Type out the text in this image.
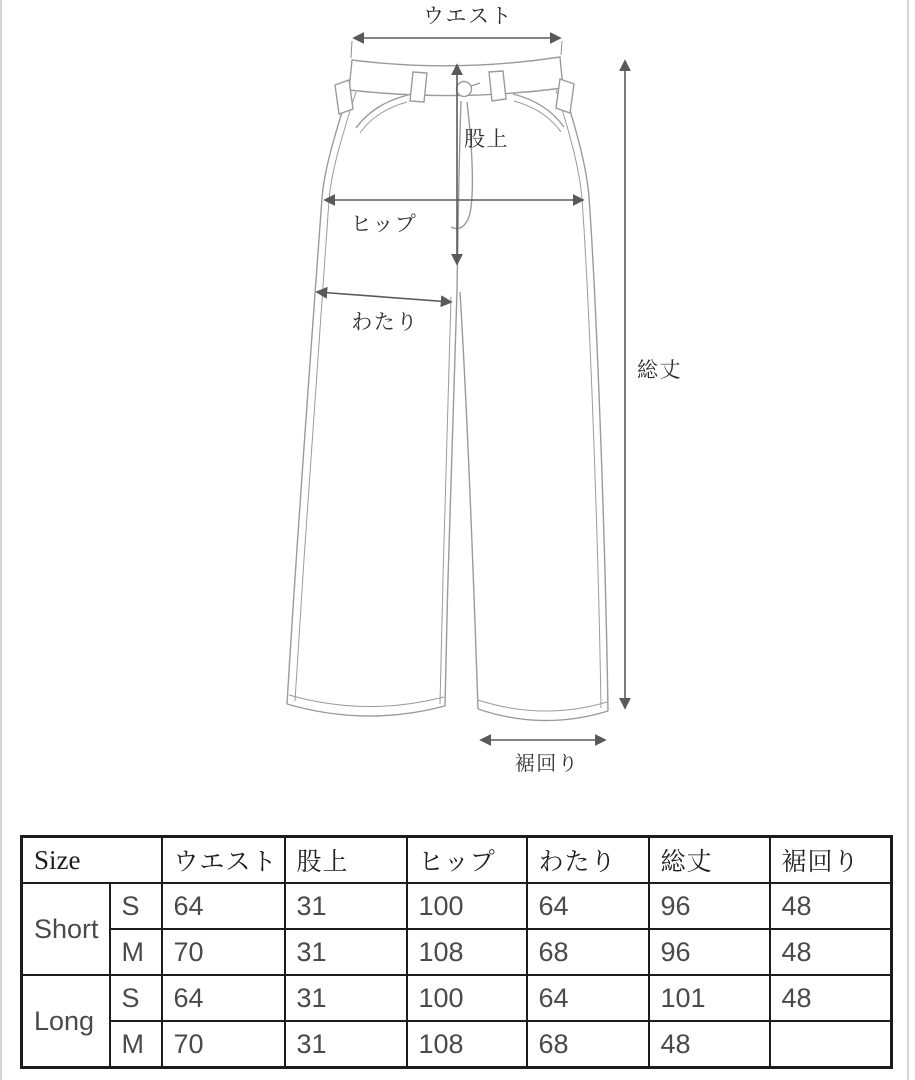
ウエスト
股上
ヒップ
わたり
総丈
裾回り
Size		ウエスト	股上	ヒップ	わたり	総丈	裾回り
Short	S	64	31	100	64	96	48
	M	70	31	108	68	96	48
Long	S	64	31	100	64	101	48
	M	70	31	108	68	48	
